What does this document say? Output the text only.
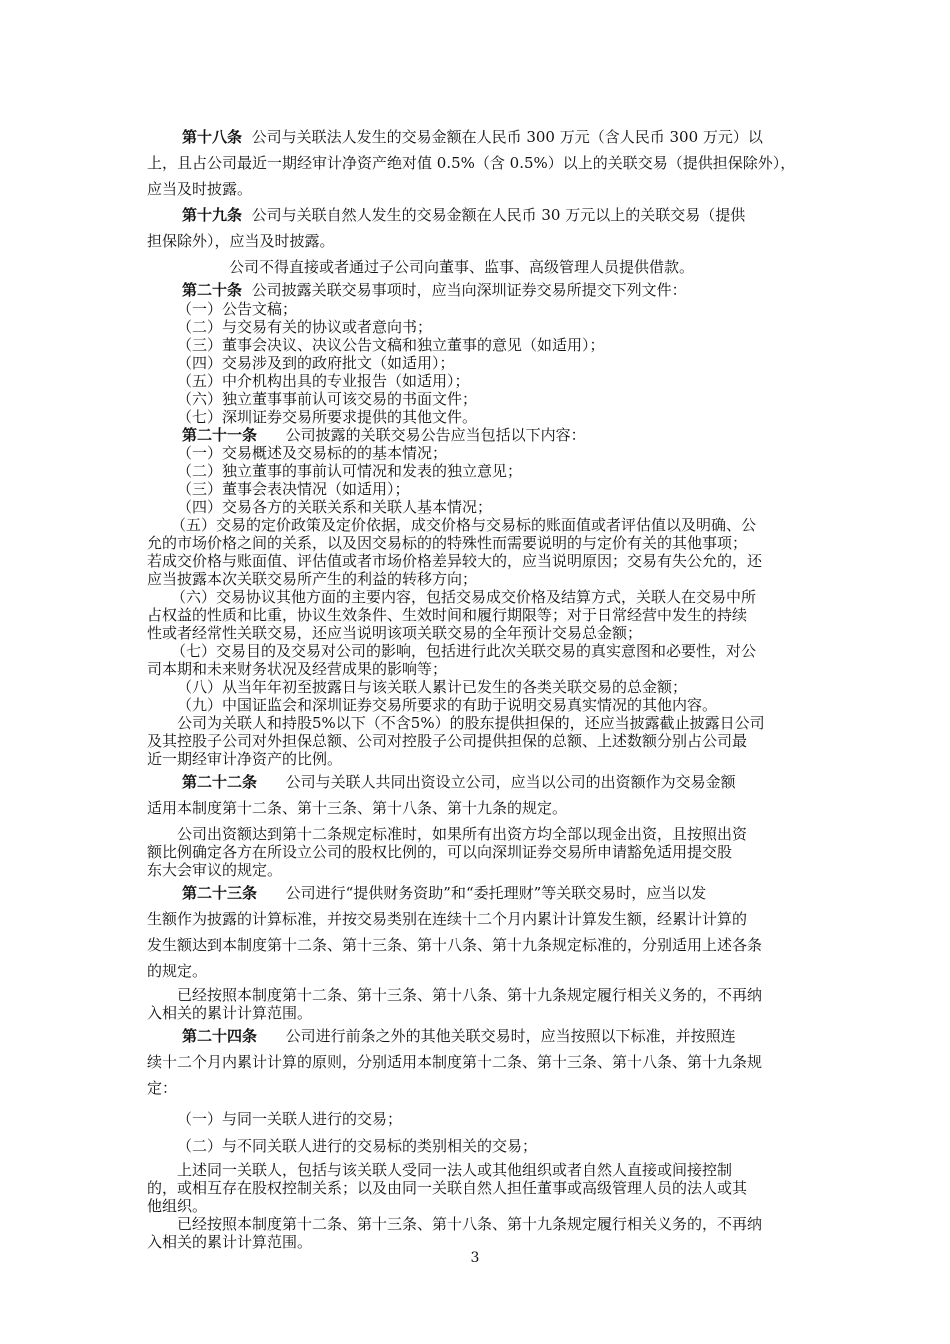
第十八条 公司与关联法人发生的交易金额在人民币 300 万元（含人民币 300 万元）以
上，且占公司最近一期经审计净资产绝对值 0.5%（含 0.5%）以上的关联交易（提供担保除外），
应当及时披露。
第十九条 公司与关联自然人发生的交易金额在人民币 30 万元以上的关联交易（提供
担保除外），应当及时披露。
公司不得直接或者通过子公司向董事、监事、高级管理人员提供借款。
第二十条 公司披露关联交易事项时，应当向深圳证券交易所提交下列文件：
（一）公告文稿；
（二）与交易有关的协议或者意向书；
（三）董事会决议、决议公告文稿和独立董事的意见（如适用）；
（四）交易涉及到的政府批文（如适用）；
（五）中介机构出具的专业报告（如适用）；
（六）独立董事事前认可该交易的书面文件；
（七）深圳证券交易所要求提供的其他文件。
第二十一条 公司披露的关联交易公告应当包括以下内容：
（一）交易概述及交易标的的基本情况；
（二）独立董事的事前认可情况和发表的独立意见；
（三）董事会表决情况（如适用）；
（四）交易各方的关联关系和关联人基本情况；
（五）交易的定价政策及定价依据，成交价格与交易标的账面值或者评估值以及明确、公
允的市场价格之间的关系，以及因交易标的的特殊性而需要说明的与定价有关的其他事项；
若成交价格与账面值、评估值或者市场价格差异较大的，应当说明原因；交易有失公允的，还
应当披露本次关联交易所产生的利益的转移方向；
（六）交易协议其他方面的主要内容，包括交易成交价格及结算方式，关联人在交易中所
占权益的性质和比重，协议生效条件、生效时间和履行期限等；对于日常经营中发生的持续
性或者经常性关联交易，还应当说明该项关联交易的全年预计交易总金额；
（七）交易目的及交易对公司的影响，包括进行此次关联交易的真实意图和必要性，对公
司本期和未来财务状况及经营成果的影响等；
（八）从当年年初至披露日与该关联人累计已发生的各类关联交易的总金额；
（九）中国证监会和深圳证券交易所要求的有助于说明交易真实情况的其他内容。
公司为关联人和持股5%以下（不含5%）的股东提供担保的，还应当披露截止披露日公司
及其控股子公司对外担保总额、公司对控股子公司提供担保的总额、上述数额分别占公司最
近一期经审计净资产的比例。
第二十二条 公司与关联人共同出资设立公司，应当以公司的出资额作为交易金额
适用本制度第十二条、第十三条、第十八条、第十九条的规定。
公司出资额达到第十二条规定标准时，如果所有出资方均全部以现金出资，且按照出资
额比例确定各方在所设立公司的股权比例的，可以向深圳证券交易所申请豁免适用提交股
东大会审议的规定。
第二十三条 公司进行“提供财务资助”和“委托理财”等关联交易时，应当以发
生额作为披露的计算标准，并按交易类别在连续十二个月内累计计算发生额，经累计计算的
发生额达到本制度第十二条、第十三条、第十八条、第十九条规定标准的，分别适用上述各条
的规定。
已经按照本制度第十二条、第十三条、第十八条、第十九条规定履行相关义务的，不再纳
入相关的累计计算范围。
第二十四条 公司进行前条之外的其他关联交易时，应当按照以下标准，并按照连
续十二个月内累计计算的原则，分别适用本制度第十二条、第十三条、第十八条、第十九条规
定：
（一）与同一关联人进行的交易；
（二）与不同关联人进行的交易标的类别相关的交易；
上述同一关联人，包括与该关联人受同一法人或其他组织或者自然人直接或间接控制
的，或相互存在股权控制关系；以及由同一关联自然人担任董事或高级管理人员的法人或其
他组织。
已经按照本制度第十二条、第十三条、第十八条、第十九条规定履行相关义务的，不再纳
入相关的累计计算范围。
3
